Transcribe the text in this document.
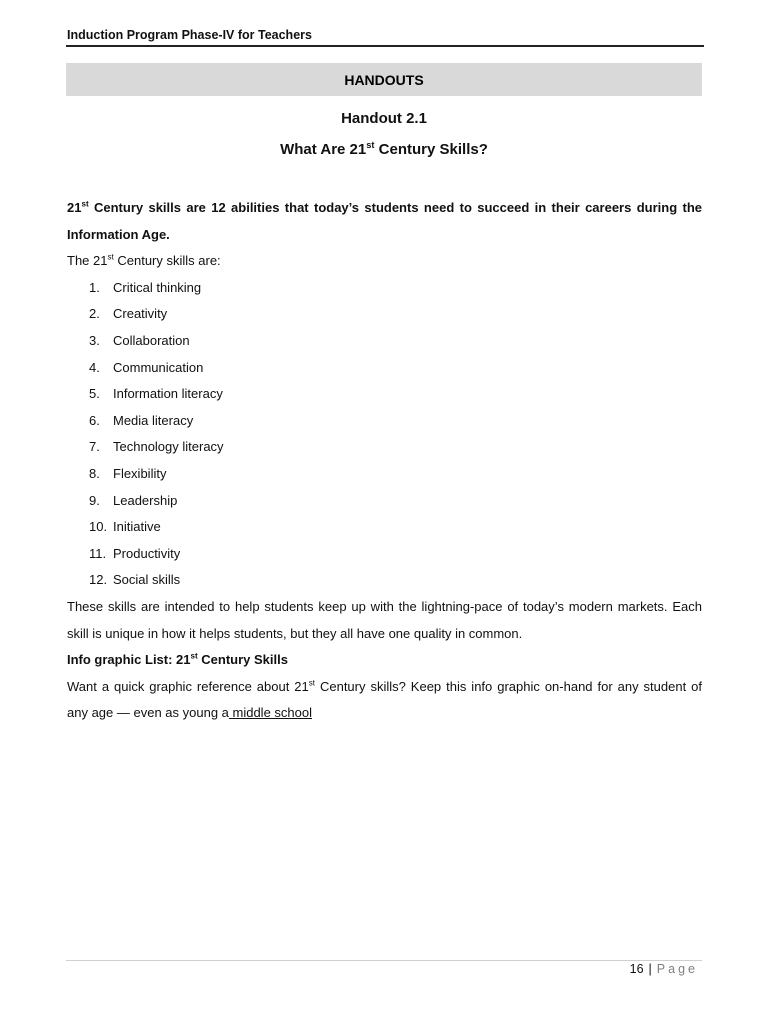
Induction Program Phase-IV for Teachers
HANDOUTS
Handout 2.1
What Are 21st Century Skills?

21st Century skills are 12 abilities that today’s students need to succeed in their careers during the Information Age.

The 21st Century skills are:

1.	Critical thinking
2.	Creativity
3.	Collaboration
4.	Communication
5.	Information literacy
6.	Media literacy
7.	Technology literacy
8.	Flexibility
9.	Leadership
10. Initiative
11. Productivity
12. Social skills

These skills are intended to help students keep up with the lightning-pace of today’s modern markets. Each skill is unique in how it helps students, but they all have one quality in common.

Info graphic List: 21st Century Skills

Want a quick graphic reference about 21st Century skills? Keep this info graphic on-hand for any student of any age — even as young a middle school

16 | Page
